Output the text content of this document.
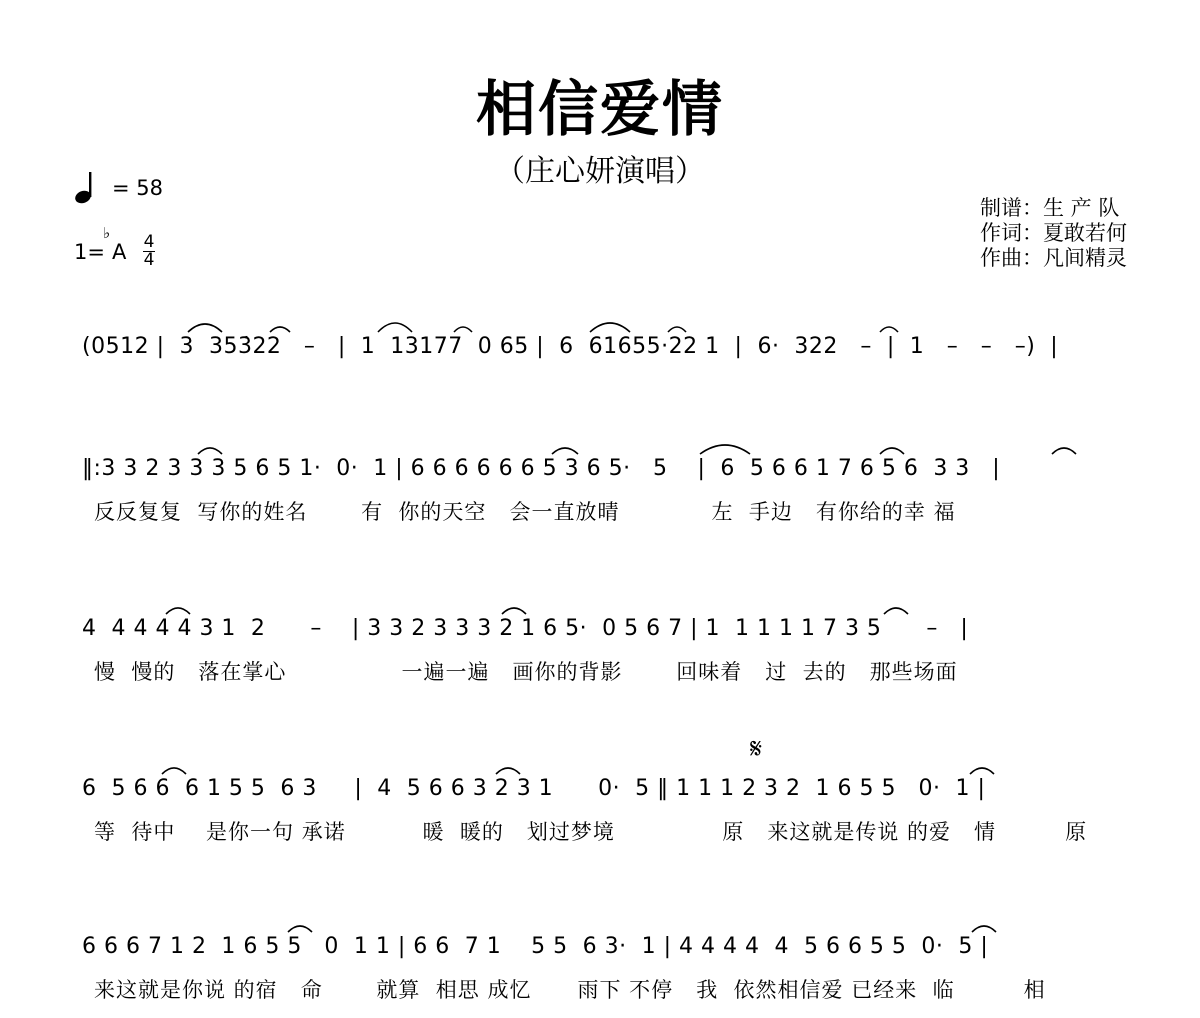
相信爱情
（庄心妍演唱）
= 58
1=
♭
A 4
4
制谱：生 产 队
作词：夏敢若何
作曲：凡间精灵
𝄋
(0512 |  3  353̇22   –   |  1  13177  0 65 |  6  61655·22 1  |  6·  322   –  |  1   –   –   –)  |
‖:3 3 2 3 3 3 5 6 5 1·  0·  1 | 6 6 6 6 6 6 5 3 6 5·   5    |  6  5 6 6 1 7 6 5 6  3 3   |
反反复复  写你的姓名       有  你的天空   会一直放晴            左  手边   有你给的幸 福
4  4 4 4 4 3 1  2      –    | 3 3 2 3 3 3 2 1 6 5·  0 5 6 7 | 1  1 1 1 1 7 3 5      –   |
慢  慢的   落在掌心               一遍一遍   画你的背影       回味着   过  去的   那些场面
6  5 6 6  6 1 5 5  6 3     |  4  5 6 6 3 2 3 1      0·  5 ‖ 1 1 1 2 3 2  1 6 5 5   0·  1 |
等  待中    是你一句 承诺          暖  暖的   划过梦境              原   来这就是传说 的爱   情         原
6 6 6 7 1 2  1 6 5 5   0  1 1 | 6 6  7 1    5 5  6 3·  1 | 4 4 4 4  4  5 6 6 5 5  0·  5 |
来这就是你说 的宿   命       就算  相思 成忆      雨下 不停   我  依然相信爱 已经来  临         相
